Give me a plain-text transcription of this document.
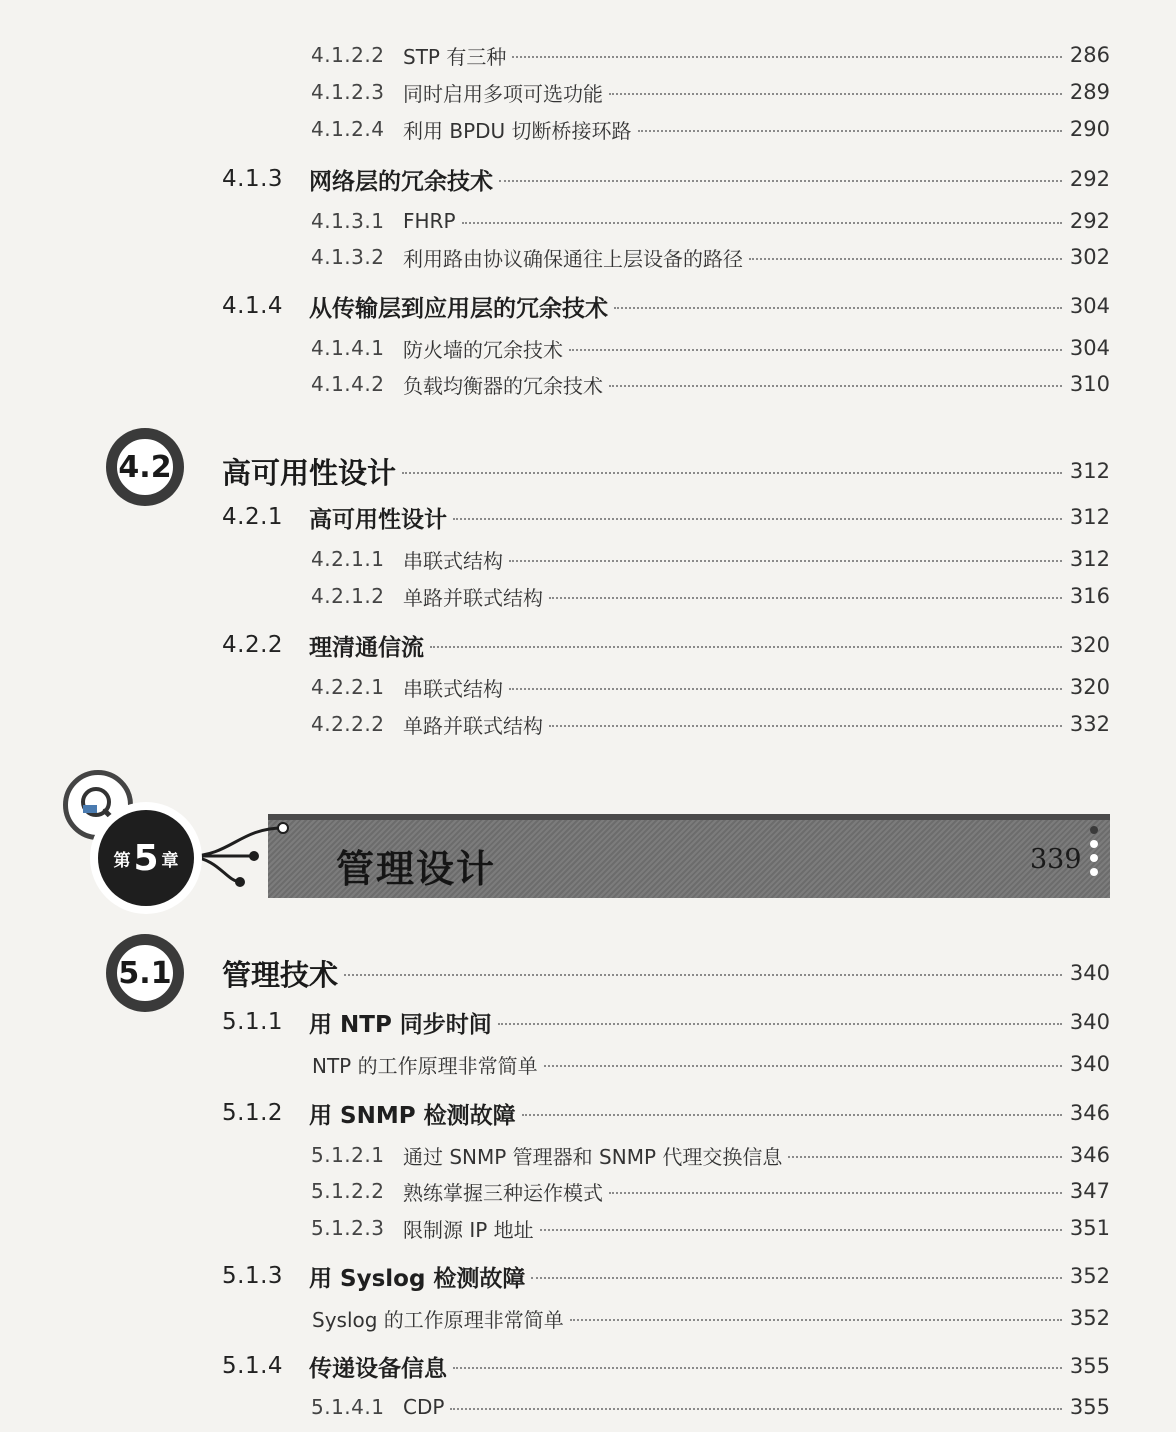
4.1.2.2 STP 有三种	286
4.1.2.3 同时启用多项可选功能	289
4.1.2.4 利用 BPDU 切断桥接环路	290
4.1.3 网络层的冗余技术	292
4.1.3.1 FHRP	292
4.1.3.2 利用路由协议确保通往上层设备的路径	302
4.1.4 从传输层到应用层的冗余技术	304
4.1.4.1 防火墙的冗余技术	304
4.1.4.2 负载均衡器的冗余技术	310
4.2 高可用性设计	312
4.2.1 高可用性设计	312
4.2.1.1 串联式结构	312
4.2.1.2 单路并联式结构	316
4.2.2 理清通信流	320
4.2.2.1 串联式结构	320
4.2.2.2 单路并联式结构	332
第 5 章	管理设计	339
5.1 管理技术	340
5.1.1 用 NTP 同步时间	340
NTP 的工作原理非常简单	340
5.1.2 用 SNMP 检测故障	346
5.1.2.1 通过 SNMP 管理器和 SNMP 代理交换信息	346
5.1.2.2 熟练掌握三种运作模式	347
5.1.2.3 限制源 IP 地址	351
5.1.3 用 Syslog 检测故障	352
Syslog 的工作原理非常简单	352
5.1.4 传递设备信息	355
5.1.4.1 CDP	355
